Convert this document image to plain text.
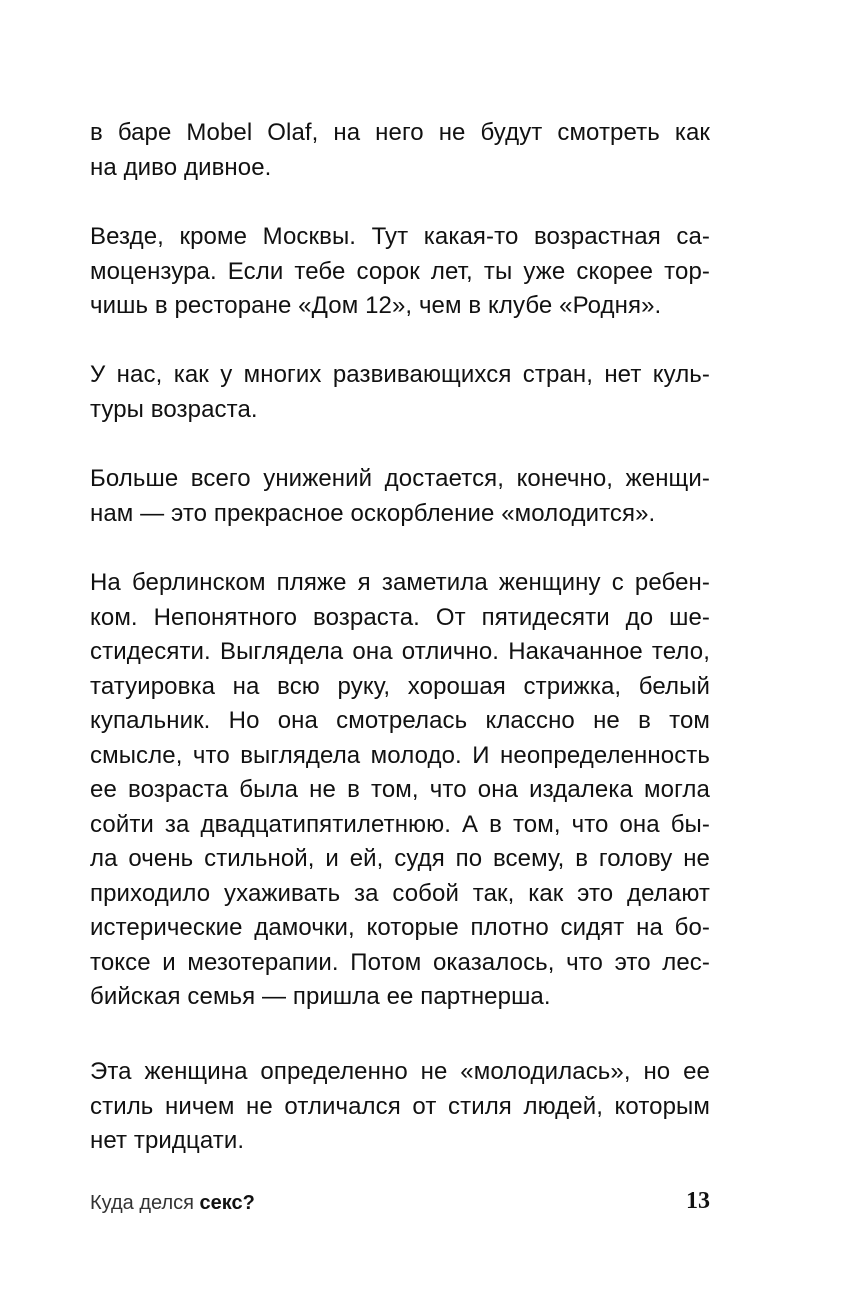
в баре Mobel Olaf, на него не будут смотреть как
на диво дивное.
Везде, кроме Москвы. Тут какая-то возрастная са-
моцензура. Если тебе сорок лет, ты уже скорее тор-
чишь в ресторане «Дом 12», чем в клубе «Родня».
У нас, как у многих развивающихся стран, нет куль-
туры возраста.
Больше всего унижений достается, конечно, женщи-
нам — это прекрасное оскорбление «молодится».
На берлинском пляже я заметила женщину с ребен-
ком. Непонятного возраста. От пятидесяти до ше-
стидесяти. Выглядела она отлично. Накачанное тело,
татуировка на всю руку, хорошая стрижка, белый
купальник. Но она смотрелась классно не в том
смысле, что выглядела молодо. И неопределенность
ее возраста была не в том, что она издалека могла
сойти за двадцатипятилетнюю. А в том, что она бы-
ла очень стильной, и ей, судя по всему, в голову не
приходило ухаживать за собой так, как это делают
истерические дамочки, которые плотно сидят на бо-
токсе и мезотерапии. Потом оказалось, что это лес-
бийская семья — пришла ее партнерша.
Эта женщина определенно не «молодилась», но ее
стиль ничем не отличался от стиля людей, которым
нет тридцати.
Куда делся секс?	13
